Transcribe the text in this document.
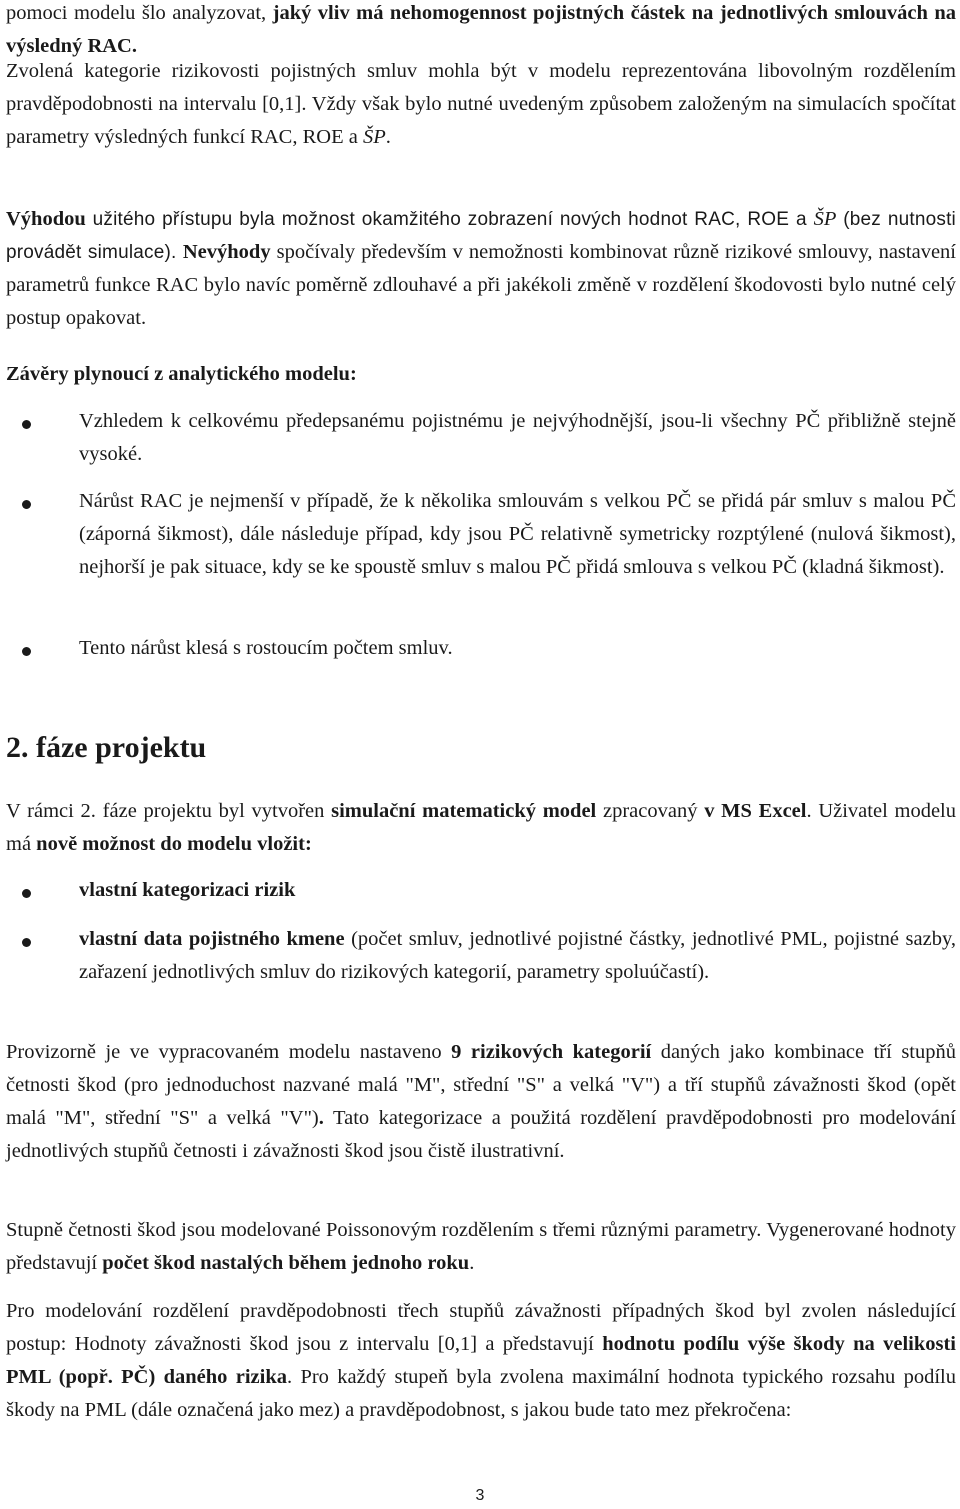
pomoci modelu šlo analyzovat, jaký vliv má nehomogennost pojistných částek na jednotlivých smlouvách na výsledný RAC.

Zvolená kategorie rizikovosti pojistných smluv mohla být v modelu reprezentována libovolným rozdělením pravděpodobnosti na intervalu [0,1]. Vždy však bylo nutné uvedeným způsobem založeným na simulacích spočítat parametry výsledných funkcí RAC, ROE a ŠP.

Výhodou užitého přístupu byla možnost okamžitého zobrazení nových hodnot RAC, ROE a ŠP (bez nutnosti provádět simulace). Nevýhody spočívaly především v nemožnosti kombinovat různě rizikové smlouvy, nastavení parametrů funkce RAC bylo navíc poměrně zdlouhavé a při jakékoli změně v rozdělení škodovosti bylo nutné celý postup opakovat.

Závěry plynoucí z analytického modelu:

Vzhledem k celkovému předepsanému pojistnému je nejvýhodnější, jsou-li všechny PČ přibližně stejně vysoké.

Nárůst RAC je nejmenší v případě, že k několika smlouvám s velkou PČ se přidá pár smluv s malou PČ (záporná šikmost), dále následuje případ, kdy jsou PČ relativně symetricky rozptýlené (nulová šikmost), nejhorší je pak situace, kdy se ke spoustě smluv s malou PČ přidá smlouva s velkou PČ (kladná šikmost).

Tento nárůst klesá s rostoucím počtem smluv.

2. fáze projektu

V rámci 2. fáze projektu byl vytvořen simulační matematický model zpracovaný v MS Excel. Uživatel modelu má nově možnost do modelu vložit:

vlastní kategorizaci rizik

vlastní data pojistného kmene (počet smluv, jednotlivé pojistné částky, jednotlivé PML, pojistné sazby, zařazení jednotlivých smluv do rizikových kategorií, parametry spoluúčastí).

Provizorně je ve vypracovaném modelu nastaveno 9 rizikových kategorií daných jako kombinace tří stupňů četnosti škod (pro jednoduchost nazvané malá "M", střední "S" a velká "V") a tří stupňů závažnosti škod (opět malá "M", střední "S" a velká "V"). Tato kategorizace a použitá rozdělení pravděpodobnosti pro modelování jednotlivých stupňů četnosti i závažnosti škod jsou čistě ilustrativní.

Stupně četnosti škod jsou modelované Poissonovým rozdělením s třemi různými parametry. Vygenerované hodnoty představují počet škod nastalých během jednoho roku.

Pro modelování rozdělení pravděpodobnosti třech stupňů závažnosti případných škod byl zvolen následující postup: Hodnoty závažnosti škod jsou z intervalu [0,1] a představují hodnotu podílu výše škody na velikosti PML (popř. PČ) daného rizika. Pro každý stupeň byla zvolena maximální hodnota typického rozsahu podílu škody na PML (dále označená jako mez) a pravděpodobnost, s jakou bude tato mez překročena:

3
